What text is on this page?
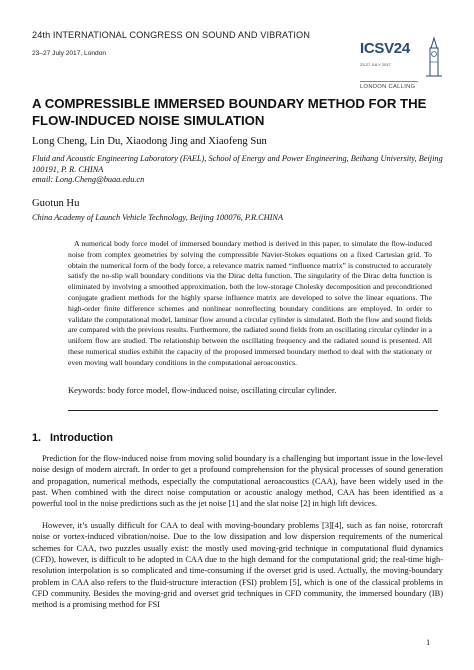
24th INTERNATIONAL CONGRESS ON SOUND AND VIBRATION
23–27 July 2017, London	ICSV24
23-27 JULY 2017
LONDON CALLING
A COMPRESSIBLE IMMERSED BOUNDARY METHOD FOR THE FLOW-INDUCED NOISE SIMULATION
Long Cheng, Lin Du, Xiaodong Jing and Xiaofeng Sun
Fluid and Acoustic Engineering Laboratory (FAEL), School of Energy and Power Engineering, Beihang University, Beijing 100191, P. R. CHINA
email: Long.Cheng@buaa.edu.cn
Guotun Hu
China Academy of Launch Vehicle Technology, Beijing 100076, P.R.CHINA

A numerical body force model of immersed boundary method is derived in this paper, to simulate the flow-induced noise from complex geometries by solving the compressible Navier-Stokes equations on a fixed Cartesian grid. To obtain the numerical form of the body force, a relevance matrix named “influence matrix” is constructed to accurately satisfy the no-slip wall boundary conditions via the Dirac delta function. The singularity of the Dirac delta function is eliminated by involving a smoothed approximation, both the low-storage Cholesky decomposition and preconditioned conjugate gradient methods for the highly sparse influence matrix are developed to solve the linear equations. The high-order finite difference schemes and nonlinear nonreflecting boundary conditions are employed. In order to validate the computational model, laminar flow around a circular cylinder is simulated. Both the flow and sound fields are compared with the previous results. Furthermore, the radiated sound fields from an oscillating circular cylinder in a uniform flow are studied. The relationship between the oscillating frequency and the radiated sound is presented. All these numerical studies exhibit the capacity of the proposed immersed boundary method to deal with the stationary or even moving wall boundary conditions in the computational aeroacoustics.

Keywords: body force model, flow-induced noise, oscillating circular cylinder.
1. Introduction

Prediction for the flow-induced noise from moving solid boundary is a challenging but important issue in the low-level noise design of modern aircraft. In order to get a profound comprehension for the physical processes of sound generation and propagation, numerical methods, especially the computational aeroacoustics (CAA), have been widely used in the past. When combined with the direct noise computation or acoustic analogy method, CAA has been identified as a powerful tool in the noise predictions such as the jet noise [1] and the slat noise [2] in high lift devices.

However, it’s usually difficult for CAA to deal with moving-boundary problems [3][4], such as fan noise, rotorcraft noise or vortex-induced vibration/noise. Due to the low dissipation and low dispersion requirements of the numerical schemes for CAA, two puzzles usually exist: the mostly used moving-grid technique in computational fluid dynamics (CFD), however, is difficult to be adopted in CAA due to the high demand for the computational grid; the real-time high-resolution interpolation is so complicated and time-consuming if the overset grid is used. Actually, the moving-boundary problem in CAA also refers to the fluid-structure interaction (FSI) problem [5], which is one of the classical problems in CFD community. Besides the moving-grid and overset grid techniques in CFD community, the immersed boundary (IB) method is a promising method for FSI

1
